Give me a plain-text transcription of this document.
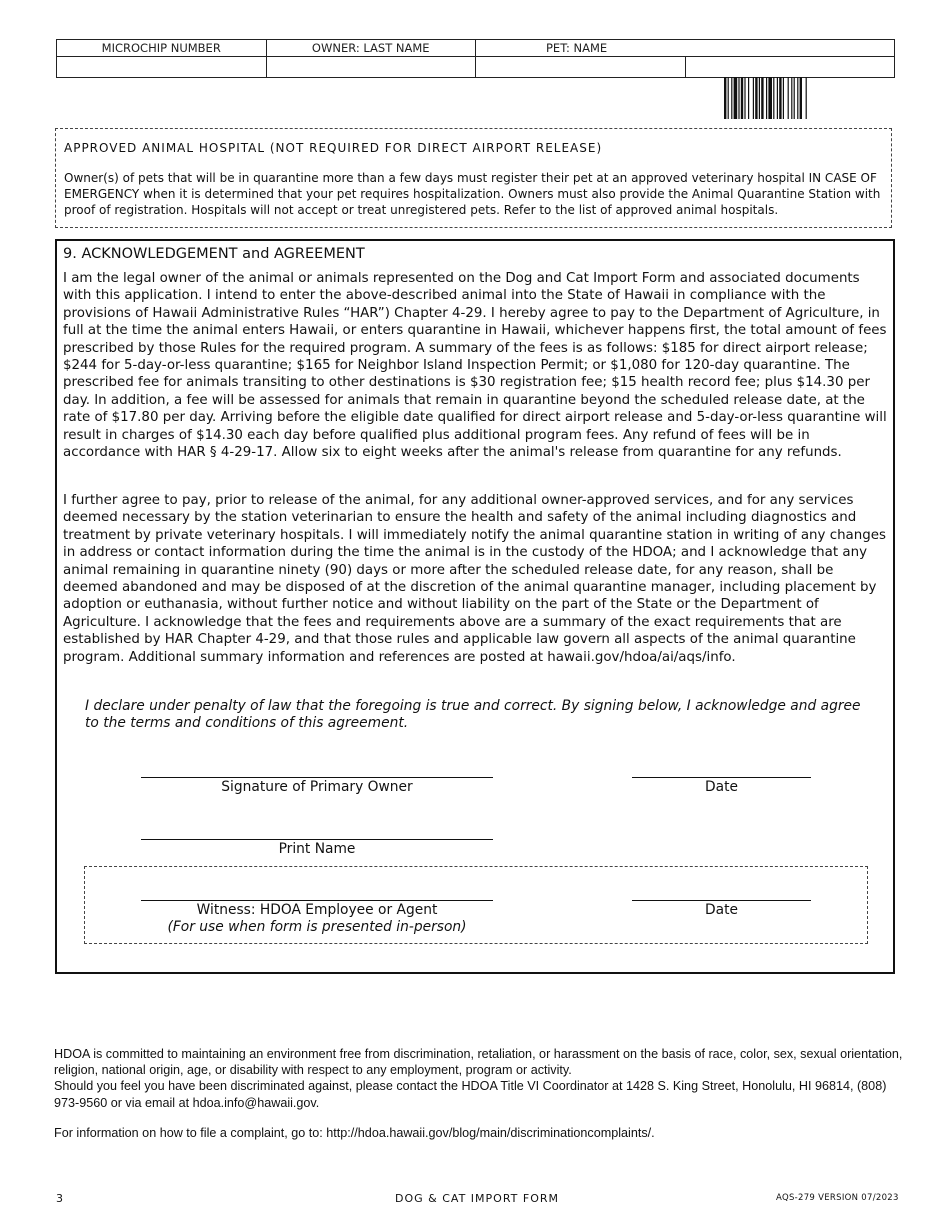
MICROCHIP NUMBER	OWNER: LAST NAME	PET: NAME	

APPROVED ANIMAL HOSPITAL (NOT REQUIRED FOR DIRECT AIRPORT RELEASE)
Owner(s) of pets that will be in quarantine more than a few days must register their pet at an approved veterinary hospital IN CASE OF EMERGENCY when it is determined that your pet requires hospitalization. Owners must also provide the Animal Quarantine Station with proof of registration. Hospitals will not accept or treat unregistered pets. Refer to the list of approved animal hospitals.
9. ACKNOWLEDGEMENT and AGREEMENT

I am the legal owner of the animal or animals represented on the Dog and Cat Import Form and associated documents with this application. I intend to enter the above-described animal into the State of Hawaii in compliance with the provisions of Hawaii Administrative Rules “HAR”) Chapter 4-29. I hereby agree to pay to the Department of Agriculture, in full at the time the animal enters Hawaii, or enters quarantine in Hawaii, whichever happens first, the total amount of fees prescribed by those Rules for the required program. A summary of the fees is as follows: $185 for direct airport release; $244 for 5-day-or-less quarantine; $165 for Neighbor Island Inspection Permit; or $1,080 for 120-day quarantine. The prescribed fee for animals transiting to other destinations is $30 registration fee; $15 health record fee; plus $14.30 per day. In addition, a fee will be assessed for animals that remain in quarantine beyond the scheduled release date, at the rate of $17.80 per day. Arriving before the eligible date qualified for direct airport release and 5-day-or-less quarantine will result in charges of $14.30 each day before qualified plus additional program fees. Any refund of fees will be in accordance with HAR § 4-29-17. Allow six to eight weeks after the animal's release from quarantine for any refunds.

I further agree to pay, prior to release of the animal, for any additional owner-approved services, and for any services deemed necessary by the station veterinarian to ensure the health and safety of the animal including diagnostics and treatment by private veterinary hospitals. I will immediately notify the animal quarantine station in writing of any changes in address or contact information during the time the animal is in the custody of the HDOA; and I acknowledge that any animal remaining in quarantine ninety (90) days or more after the scheduled release date, for any reason, shall be deemed abandoned and may be disposed of at the discretion of the animal quarantine manager, including placement by adoption or euthanasia, without further notice and without liability on the part of the State or the Department of Agriculture. I acknowledge that the fees and requirements above are a summary of the exact requirements that are established by HAR Chapter 4-29, and that those rules and applicable law govern all aspects of the animal quarantine program. Additional summary information and references are posted at hawaii.gov/hdoa/ai/aqs/info.

I declare under penalty of law that the foregoing is true and correct. By signing below, I acknowledge and agree to the terms and conditions of this agreement.

Signature of Primary Owner	Date
Print Name
Witness: HDOA Employee or Agent
(For use when form is presented in-person)
Date

HDOA is committed to maintaining an environment free from discrimination, retaliation, or harassment on the basis of race, color, sex, sexual orientation, religion, national origin, age, or disability with respect to any employment, program or activity.

Should you feel you have been discriminated against, please contact the HDOA Title VI Coordinator at 1428 S. King Street, Honolulu, HI 96814, (808) 973-9560 or via email at hdoa.info@hawaii.gov.

For information on how to file a complaint, go to: http://hdoa.hawaii.gov/blog/main/discriminationcomplaints/.
3	DOG & CAT IMPORT FORM	AQS-279 VERSION 07/2023
